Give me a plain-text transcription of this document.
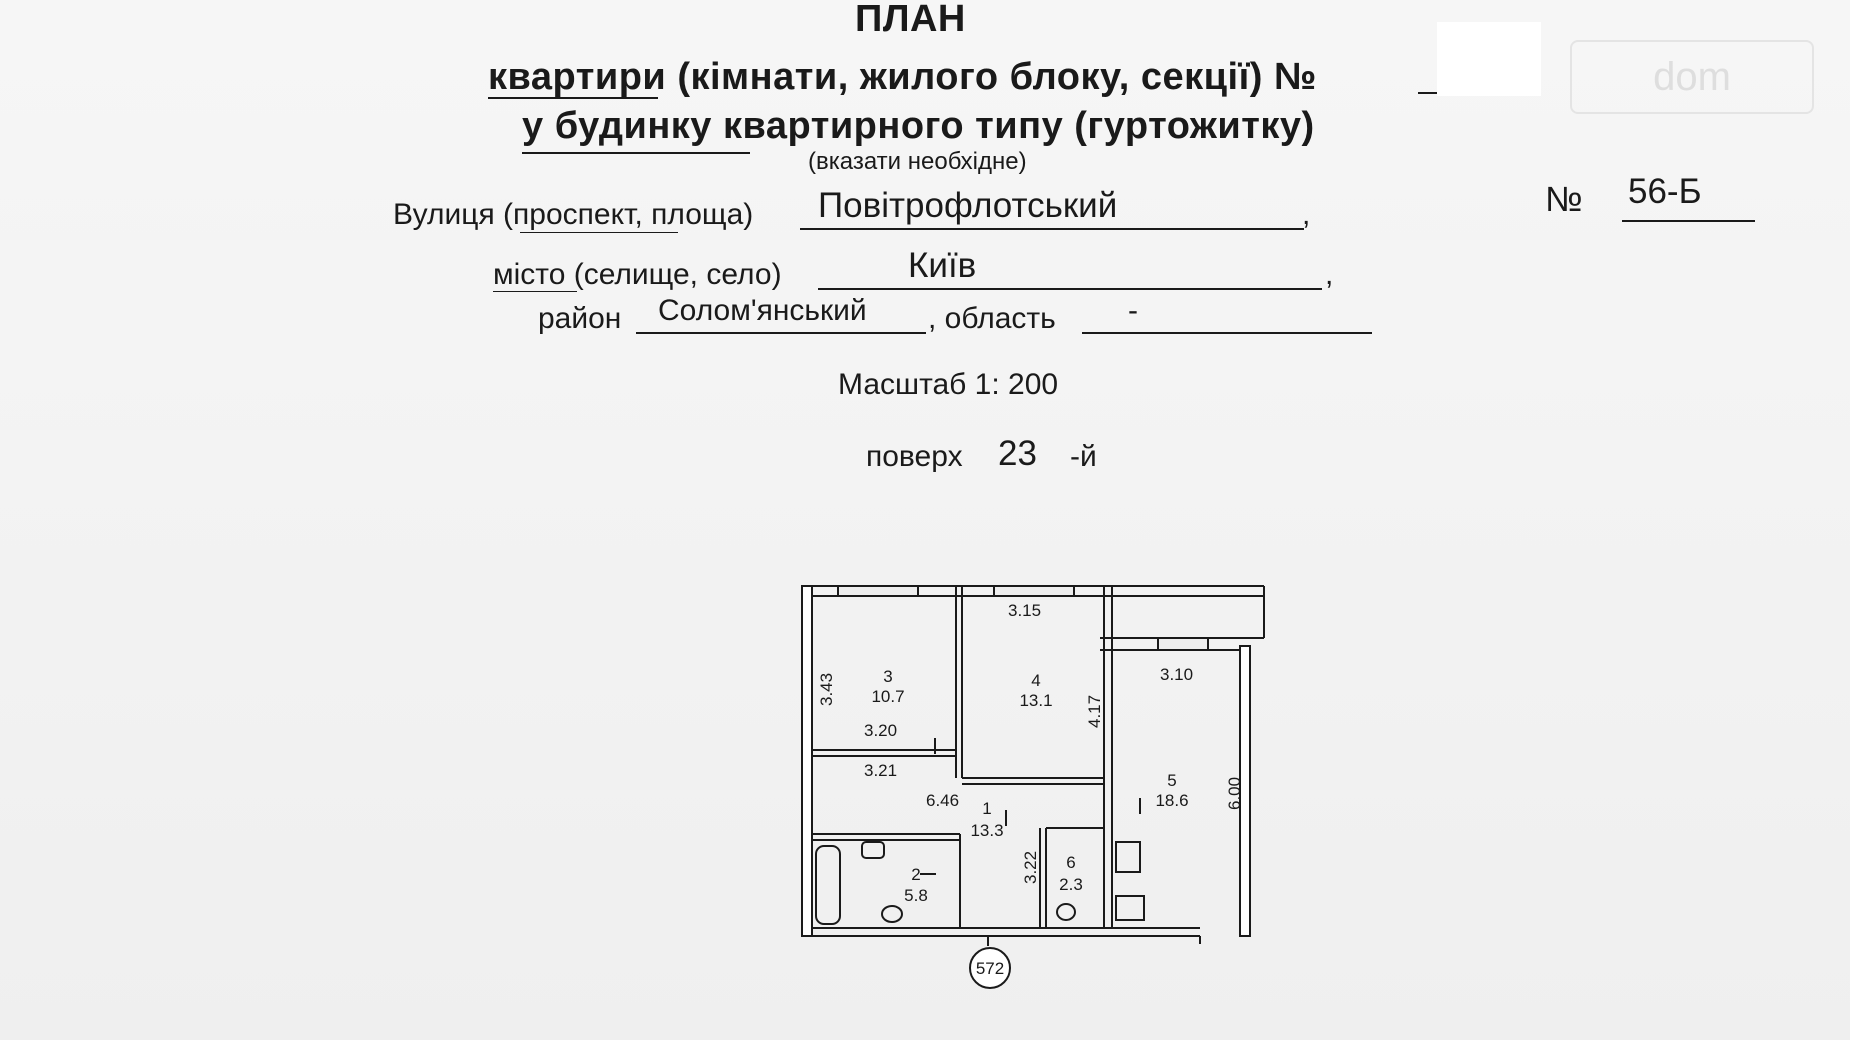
dom
ПЛАН
квартири (кімнати, жилого блоку, секції) №
у будинку квартирного типу (гуртожитку)
(вказати необхідне)
Вулиця (проспект, площа) Повітрофлотський	,	№ 56-Б
місто (селище, село)	Київ	,
район Солом'янський , область -
Масштаб 1: 200
поверх 23 -й
3.15
3.43
4.17
3.10
3.20
3.21
6.46
3.22
6.00
1
13.3
2
5.8
3
10.7
4
13.1
5
18.6
6
2.3
572
